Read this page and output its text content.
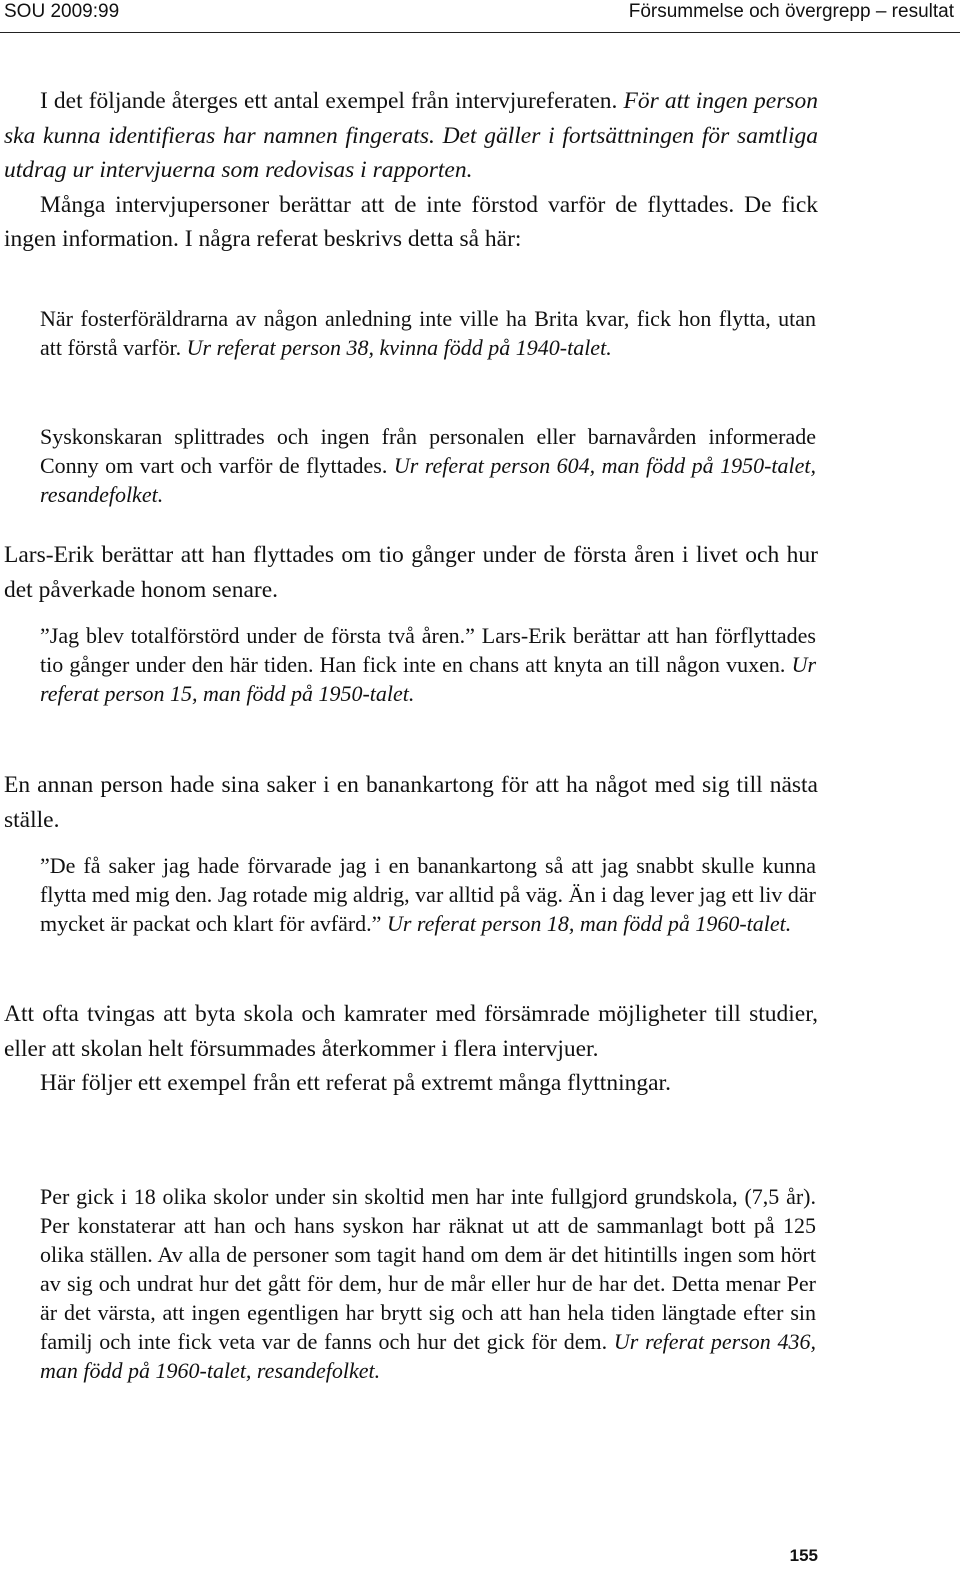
SOU 2009:99	Försummelse och övergrepp – resultat

I det följande återges ett antal exempel från intervjureferaten. För att ingen person ska kunna identifieras har namnen fingerats. Det gäller i fortsättningen för samtliga utdrag ur intervjuerna som redovisas i rapporten.

Många intervjupersoner berättar att de inte förstod varför de flyttades. De fick ingen information. I några referat beskrivs detta så här:

När fosterföräldrarna av någon anledning inte ville ha Brita kvar, fick hon flytta, utan att förstå varför. Ur referat person 38, kvinna född på 1940-talet.
Syskonskaran splittrades och ingen från personalen eller barnavården informerade Conny om vart och varför de flyttades. Ur referat person 604, man född på 1950-talet, resandefolket.
Lars-Erik berättar att han flyttades om tio gånger under de första åren i livet och hur det påverkade honom senare.
”Jag blev totalförstörd under de första två åren.” Lars-Erik berättar att han förflyttades tio gånger under den här tiden. Han fick inte en chans att knyta an till någon vuxen. Ur referat person 15, man född på 1950-talet.
En annan person hade sina saker i en banankartong för att ha något med sig till nästa ställe.
”De få saker jag hade förvarade jag i en banankartong så att jag snabbt skulle kunna flytta med mig den. Jag rotade mig aldrig, var alltid på väg. Än i dag lever jag ett liv där mycket är packat och klart för avfärd.” Ur referat person 18, man född på 1960-talet.

Att ofta tvingas att byta skola och kamrater med försämrade möjligheter till studier, eller att skolan helt försummades återkommer i flera intervjuer.

Här följer ett exempel från ett referat på extremt många flyttningar.

Per gick i 18 olika skolor under sin skoltid men har inte fullgjord grundskola, (7,5 år). Per konstaterar att han och hans syskon har räknat ut att de sammanlagt bott på 125 olika ställen. Av alla de personer som tagit hand om dem är det hitintills ingen som hört av sig och undrat hur det gått för dem, hur de mår eller hur de har det. Detta menar Per är det värsta, att ingen egentligen har brytt sig och att han hela tiden längtade efter sin familj och inte fick veta var de fanns och hur det gick för dem. Ur referat person 436, man född på 1960-talet, resandefolket.
155
